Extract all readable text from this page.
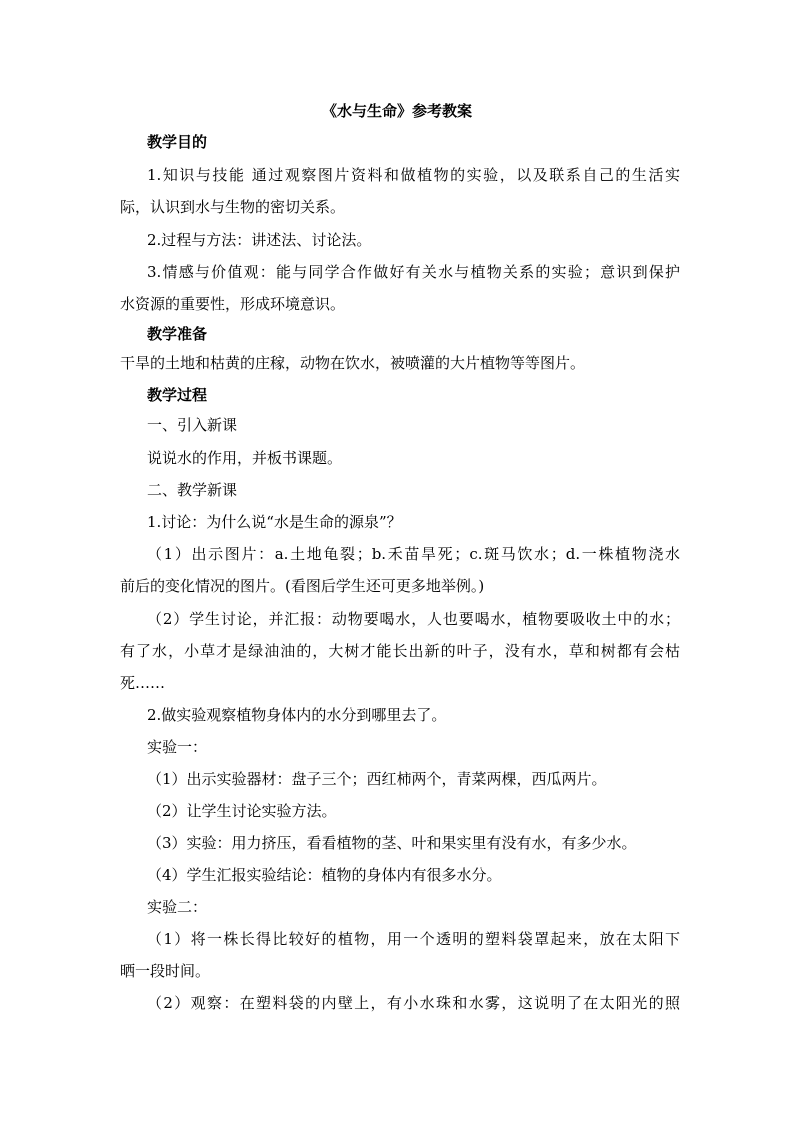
《水与生命》参考教案

教学目的

1.知识与技能 通过观察图片资料和做植物的实验，以及联系自己的生活实

际，认识到水与生物的密切关系。

2.过程与方法：讲述法、讨论法。

3.情感与价值观：能与同学合作做好有关水与植物关系的实验；意识到保护

水资源的重要性，形成环境意识。

教学准备

干旱的土地和枯黄的庄稼，动物在饮水，被喷灌的大片植物等等图片。

教学过程

一、引入新课

说说水的作用，并板书课题。

二、教学新课

1.讨论：为什么说“水是生命的源泉”？

（1）出示图片：a.土地龟裂；b.禾苗旱死；c.斑马饮水；d.一株植物浇水

前后的变化情况的图片。(看图后学生还可更多地举例。)

（2）学生讨论，并汇报：动物要喝水，人也要喝水，植物要吸收土中的水；

有了水，小草才是绿油油的，大树才能长出新的叶子，没有水，草和树都有会枯

死……

2.做实验观察植物身体内的水分到哪里去了。

实验一：

（1）出示实验器材：盘子三个；西红柿两个，青菜两棵，西瓜两片。

（2）让学生讨论实验方法。

（3）实验：用力挤压，看看植物的茎、叶和果实里有没有水，有多少水。

（4）学生汇报实验结论：植物的身体内有很多水分。

实验二：

（1）将一株长得比较好的植物，用一个透明的塑料袋罩起来，放在太阳下

晒一段时间。

（2）观察：在塑料袋的内壁上，有小水珠和水雾，这说明了在太阳光的照
